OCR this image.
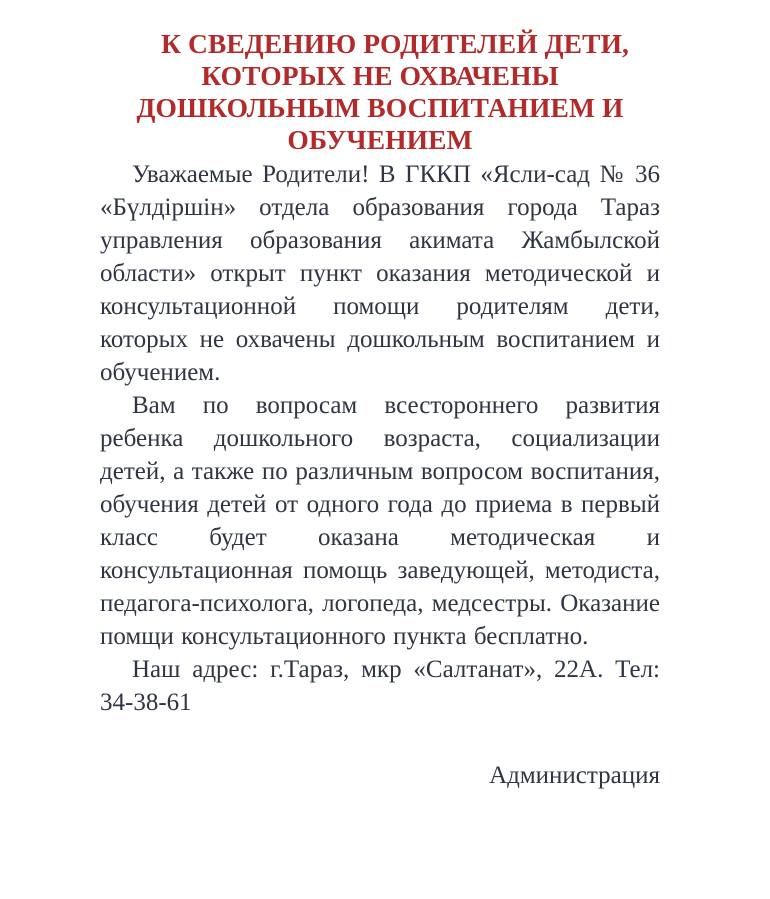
К СВЕДЕНИЮ РОДИТЕЛЕЙ ДЕТИ,
КОТОРЫХ НЕ ОХВАЧЕНЫ
ДОШКОЛЬНЫМ ВОСПИТАНИЕМ И
ОБУЧЕНИЕМ

Уважаемые Родители! В ГККП «Ясли-сад № 36 «Бүлдіршін» отдела образования города Тараз управления образования акимата Жамбылской области» открыт пункт оказания методической и консультационной помощи родителям дети, которых не охвачены дошкольным воспитанием и обучением.

Вам по вопросам всестороннего развития ребенка дошкольного возраста, социализации детей, а также по различным вопросом воспитания, обучения детей от одного года до приема в первый класс будет оказана методическая и консультационная помощь заведующей, методиста, педагога-психолога, логопеда, медсестры. Оказание помщи консультационного пункта бесплатно.

Наш адрес: г.Тараз, мкр «Салтанат», 22А. Тел: 34-38-61

Администрация
